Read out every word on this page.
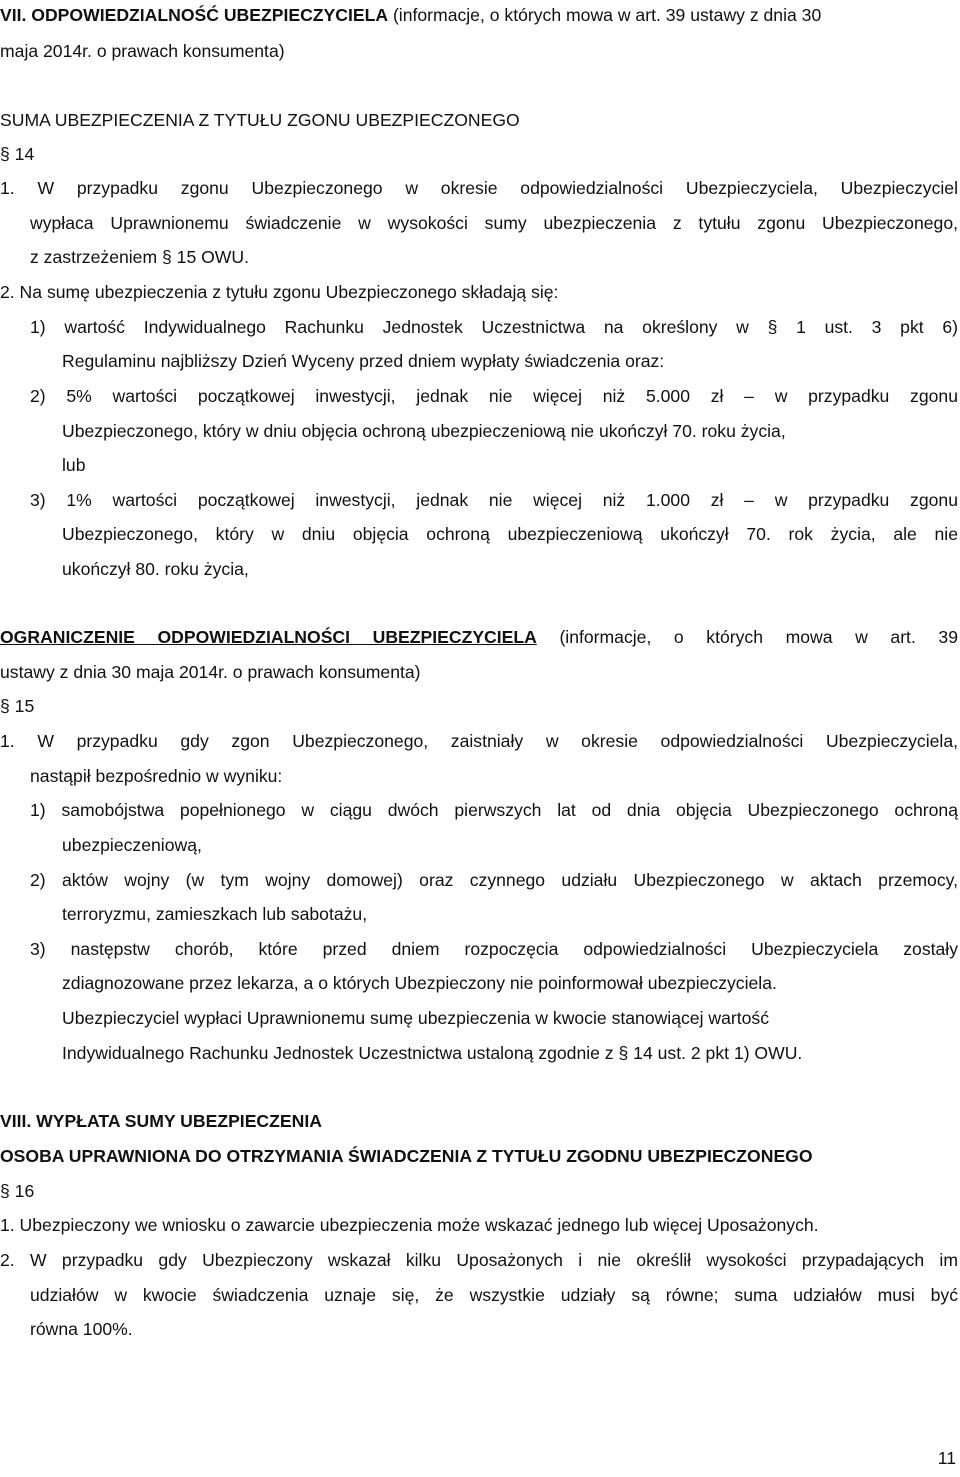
VII. ODPOWIEDZIALNOŚĆ UBEZPIECZYCIELA (informacje, o których mowa w art. 39 ustawy z dnia 30
maja 2014r. o prawach konsumenta)
SUMA UBEZPIECZENIA Z TYTUŁU ZGONU UBEZPIECZONEGO
§ 14
1. W przypadku zgonu Ubezpieczonego w okresie odpowiedzialności Ubezpieczyciela, Ubezpieczyciel
wypłaca Uprawnionemu świadczenie w wysokości sumy ubezpieczenia z tytułu zgonu Ubezpieczonego,
z zastrzeżeniem § 15 OWU.
2. Na sumę ubezpieczenia z tytułu zgonu Ubezpieczonego składają się:
1) wartość Indywidualnego Rachunku Jednostek Uczestnictwa na określony w § 1 ust. 3 pkt 6)
Regulaminu najbliższy Dzień Wyceny przed dniem wypłaty świadczenia oraz:
2) 5% wartości początkowej inwestycji, jednak nie więcej niż 5.000 zł – w przypadku zgonu
Ubezpieczonego, który w dniu objęcia ochroną ubezpieczeniową nie ukończył 70. roku życia,
lub
3) 1% wartości początkowej inwestycji, jednak nie więcej niż 1.000 zł – w przypadku zgonu
Ubezpieczonego, który w dniu objęcia ochroną ubezpieczeniową ukończył 70. rok życia, ale nie
ukończył 80. roku życia,
OGRANICZENIE ODPOWIEDZIALNOŚCI UBEZPIECZYCIELA (informacje, o których mowa w art. 39
ustawy z dnia 30 maja 2014r. o prawach konsumenta)
§ 15
1. W przypadku gdy zgon Ubezpieczonego, zaistniały w okresie odpowiedzialności Ubezpieczyciela,
nastąpił bezpośrednio w wyniku:
1) samobójstwa popełnionego w ciągu dwóch pierwszych lat od dnia objęcia Ubezpieczonego ochroną
ubezpieczeniową,
2) aktów wojny (w tym wojny domowej) oraz czynnego udziału Ubezpieczonego w aktach przemocy,
terroryzmu, zamieszkach lub sabotażu,
3) następstw chorób, które przed dniem rozpoczęcia odpowiedzialności Ubezpieczyciela zostały
zdiagnozowane przez lekarza, a o których Ubezpieczony nie poinformował ubezpieczyciela.
Ubezpieczyciel wypłaci Uprawnionemu sumę ubezpieczenia w kwocie stanowiącej wartość
Indywidualnego Rachunku Jednostek Uczestnictwa ustaloną zgodnie z § 14 ust. 2 pkt 1) OWU.
VIII. WYPŁATA SUMY UBEZPIECZENIA
OSOBA UPRAWNIONA DO OTRZYMANIA ŚWIADCZENIA Z TYTUŁU ZGODNU UBEZPIECZONEGO
§ 16
1. Ubezpieczony we wniosku o zawarcie ubezpieczenia może wskazać jednego lub więcej Uposażonych.
2. W przypadku gdy Ubezpieczony wskazał kilku Uposażonych i nie określił wysokości przypadających im
udziałów w kwocie świadczenia uznaje się, że wszystkie udziały są równe; suma udziałów musi być
równa 100%.
11
